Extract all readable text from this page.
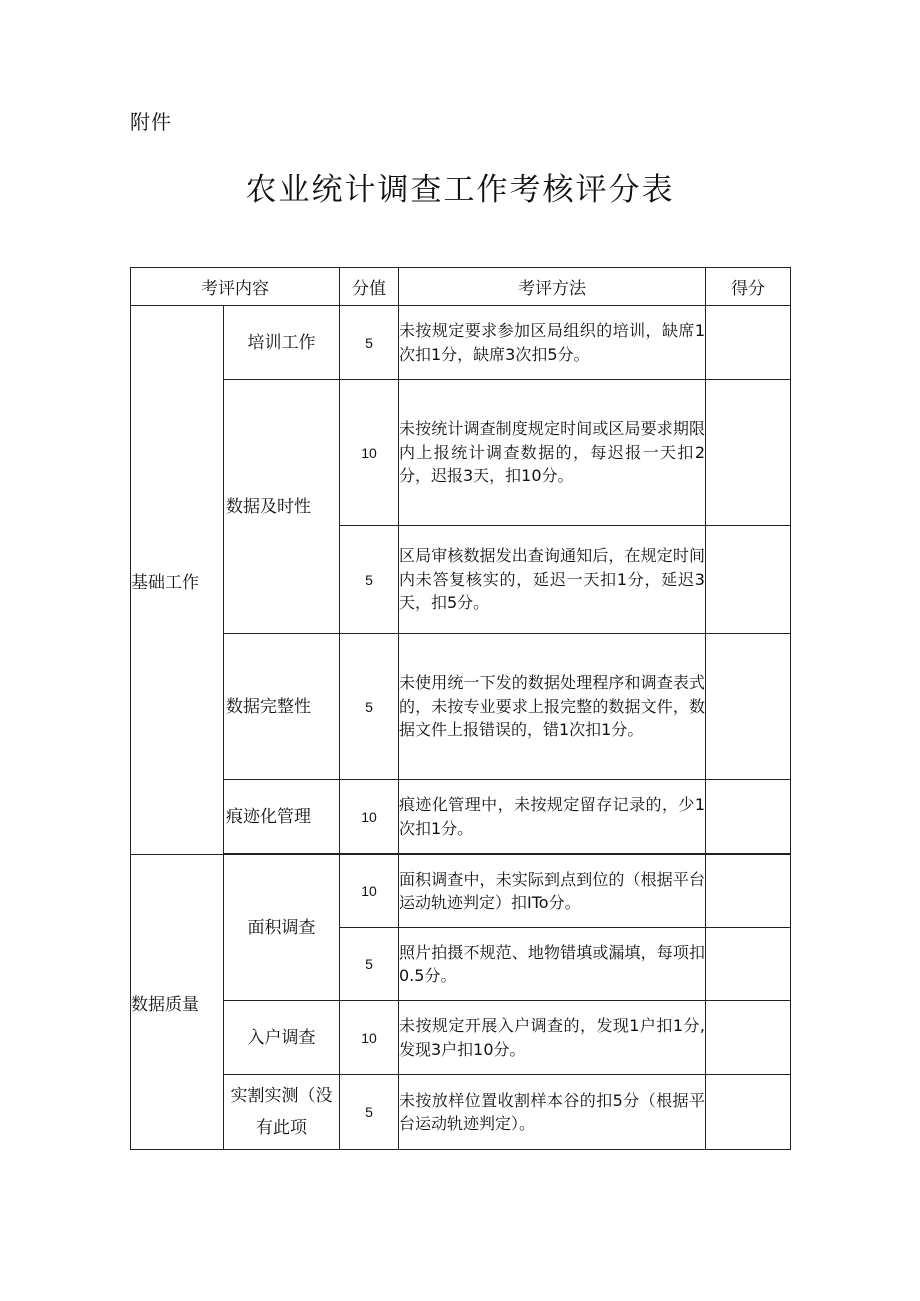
附件
农业统计调查工作考核评分表
考评内容		分值	考评方法	得分
基础工作	培训工作	5	未按规定要求参加区局组织的培训，缺席1次扣1分，缺席3次扣5分。	
	数据及时性	10	未按统计调查制度规定时间或区局要求期限内上报统计调查数据的，每迟报一天扣2分，迟报3天，扣10分。	
		5	区局审核数据发出查询通知后，在规定时间内未答复核实的，延迟一天扣1分，延迟3天，扣5分。	
	数据完整性	5	未使用统一下发的数据处理程序和调查表式的，未按专业要求上报完整的数据文件，数据文件上报错误的，错1次扣1分。	
	痕迹化管理	10	痕迹化管理中，未按规定留存记录的，少1次扣1分。	

数据质量	面积调查	10	面积调查中，未实际到点到位的（根据平台运动轨迹判定）扣ITo分。	
		5	照片拍摄不规范、地物错填或漏填，每项扣0.5分。	
	入户调查	10	未按规定开展入户调查的，发现1户扣1分,发现3户扣10分。	
	实割实测（没有此项	5	未按放样位置收割样本谷的扣5分（根据平台运动轨迹判定）。	
